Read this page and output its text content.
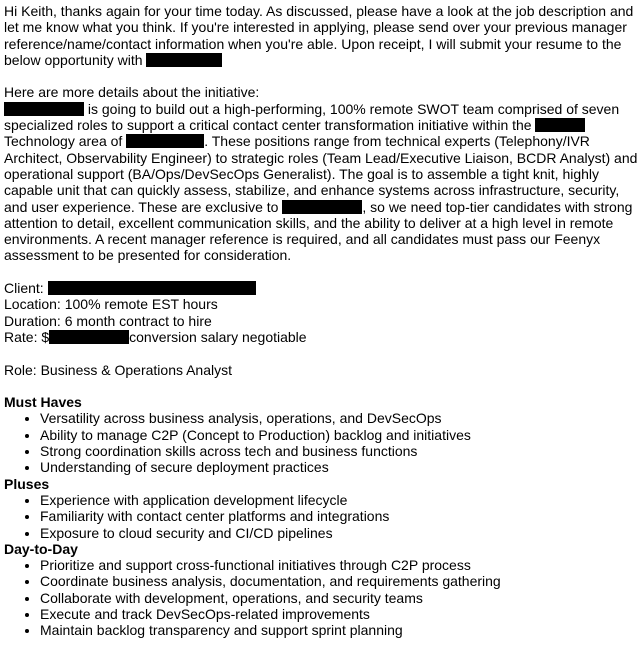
Hi Keith, thanks again for your time today. As discussed, please have a look at the job description and let me know what you think. If you're interested in applying, please send over your previous manager reference/name/contact information when you're able. Upon receipt, I will submit your resume to the below opportunity with

Here are more details about the initiative:

is going to build out a high-performing, 100% remote SWOT team comprised of seven specialized roles to support a critical contact center transformation initiative within the  Technology area of	. These positions range from technical experts (Telephony/IVR Architect, Observability Engineer) to strategic roles (Team Lead/Executive Liaison, BCDR Analyst) and operational support (BA/Ops/DevSecOps Generalist). The goal is to assemble a tight knit, highly capable unit that can quickly assess, stabilize, and enhance systems across infrastructure, security, and user experience. These are exclusive to	, so we need top-tier candidates with strong attention to detail, excellent communication skills, and the ability to deliver at a high level in remote environments. A recent manager reference is required, and all candidates must pass our Feenyx assessment to be presented for consideration.

Client:

Location: 100% remote EST hours

Duration: 6 month contract to hire

Rate: $	conversion salary negotiable

Role: Business & Operations Analyst

Must Haves
• Versatility across business analysis, operations, and DevSecOps
• Ability to manage C2P (Concept to Production) backlog and initiatives
• Strong coordination skills across tech and business functions
• Understanding of secure deployment practices
Pluses
• Experience with application development lifecycle
• Familiarity with contact center platforms and integrations
• Exposure to cloud security and CI/CD pipelines
Day-to-Day
• Prioritize and support cross-functional initiatives through C2P process
• Coordinate business analysis, documentation, and requirements gathering
• Collaborate with development, operations, and security teams
• Execute and track DevSecOps-related improvements
• Maintain backlog transparency and support sprint planning
